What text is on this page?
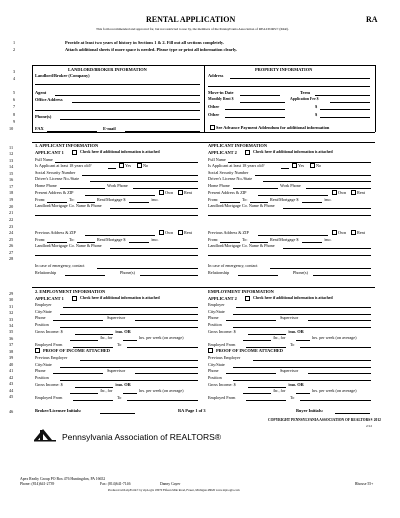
RENTAL APPLICATION	RA
This form recommended and approved for, but not restricted to use by, the members of the Pennsylvania Association of REALTORS® (PAR).
Provide at least two years of history in Sections 1 & 2. Fill out all sections completely.
Attach additional sheets if more space is needed. Please type or print all information clearly.
1
2
3
4
5
6
7
8
9
10
11
12
13
14
15
16
17
18
19
20
21
22
23
24
25
26
27
28
29
30
31
32
33
34
35
36
37
38
39
40
41
42
43
44
45
46
LANDLORD/BROKER INFORMATION
Landlord/Broker (Company)
Agent
Office Address
Phone(s)
FAX	E-mail
PROPERTY INFORMATION
Address
Move-in Date	Term
Monthly Rent $	Application Fee $
Other	$
Other	$
See Advance Payment Addendum for additional information
1. APPLICANT INFORMATION	APPLICANT INFORMATION
APPLICANT 1	Check here if additional information is attached
Full Name
Is Applicant at least 18 years old?	Yes	No
Social Security Number
Driver's License No./State
Home Phone	Work Phone
Present Address & ZIP	Own	Rent
From:	To:	Rent/Mortgage $	/mo.
Landlord/Mortgage Co. Name & Phone
Previous Address & ZIP	Own	Rent
From:	To:	Rent/Mortgage $	/mo.
Landlord/Mortgage Co. Name & Phone
In case of emergency, contact
Relationship	Phone(s)
APPLICANT 2	Check here if additional information is attached
Full Name
Is Applicant at least 18 years old?	Yes	No
Social Security Number
Driver's License No./State
Home Phone	Work Phone
Present Address & ZIP	Own	Rent
From:	To:	Rent/Mortgage $	/mo.
Landlord/Mortgage Co. Name & Phone
Previous Address & ZIP	Own	Rent
From:	To:	Rent/Mortgage $	/mo.
Landlord/Mortgage Co. Name & Phone
In case of emergency, contact
Relationship	Phone(s)
2. EMPLOYMENT INFORMATION	EMPLOYMENT INFORMATION
APPLICANT 1	Check here if additional information is attached
Employer
City/State
Phone	Supervisor
Position
Gross Income: $	/mo. OR
/hr., for	hrs. per week (on average)
Employed From	To
PROOF OF INCOME ATTACHED
Previous Employer
City/State
Phone	Supervisor
Position
Gross Income: $	/mo. OR
/hr., for	hrs. per week (on average)
Employed From	To
APPLICANT 2	Check here if additional information is attached
Employer
City/State
Phone	Supervisor
Position
Gross Income: $	/mo. OR
/hr., for	hrs. per week (on average)
Employed From	To
PROOF OF INCOME ATTACHED
Previous Employer
City/State
Phone	Supervisor
Position
Gross Income: $	/mo. OR
/hr., for	hrs. per week (on average)
Employed From	To
Broker/Licensee Initials:	RA Page 1 of 3	Buyer Initials:
COPYRIGHT PENNSYLVANIA ASSOCIATION OF REALTORS® 2012
2/12
Pennsylvania Association of REALTORS®
Apex Realty Group PO Box 476 Huntingdon, PA 16652
Phone: (814)641-2739	Fax: (814)641-7146	Danny Gayer	Rhouse 55+
Produced with zipForm® by zipLogix 18070 Fifteen Mile Road, Fraser, Michigan 48026 www.zipLogix.com
